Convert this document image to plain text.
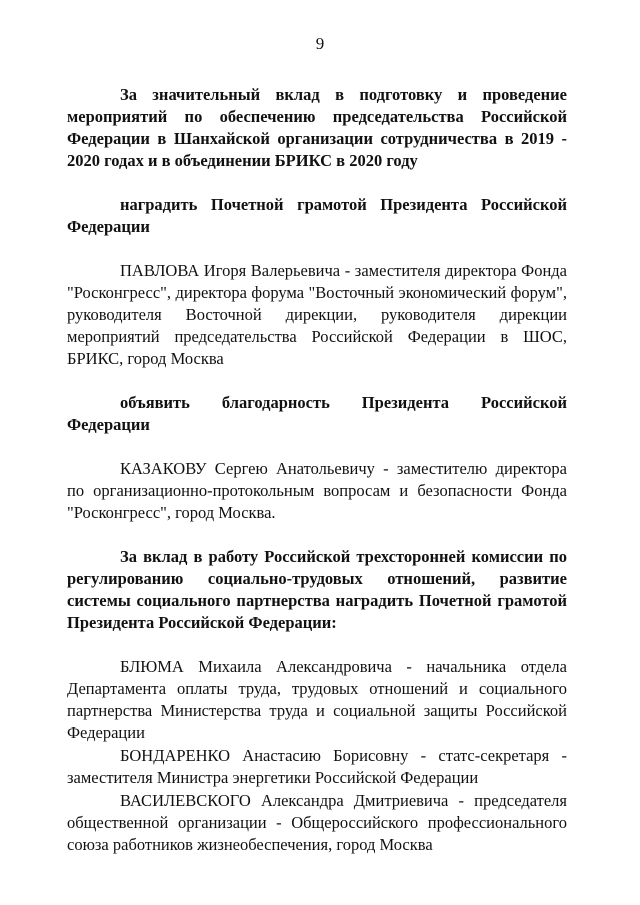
9

За значительный вклад в подготовку и проведение мероприятий по обеспечению председательства Российской Федерации в Шанхайской организации сотрудничества в 2019 - 2020 годах и в объединении БРИКС в 2020 году

наградить Почетной грамотой Президента Российской Федерации

ПАВЛОВА Игоря Валерьевича - заместителя директора Фонда "Росконгресс", директора форума "Восточный экономический форум", руководителя Восточной дирекции, руководителя дирекции мероприятий председательства Российской Федерации в ШОС, БРИКС, город Москва

объявить благодарность Президента Российской Федерации

КАЗАКОВУ Сергею Анатольевичу - заместителю директора по организационно-протокольным вопросам и безопасности Фонда "Росконгресс", город Москва.

За вклад в работу Российской трехсторонней комиссии по регулированию социально-трудовых отношений, развитие системы социального партнерства наградить Почетной грамотой Президента Российской Федерации:

БЛЮМА Михаила Александровича - начальника отдела Департамента оплаты труда, трудовых отношений и социального партнерства Министерства труда и социальной защиты Российской Федерации

БОНДАРЕНКО Анастасию Борисовну - статс-секретаря - заместителя Министра энергетики Российской Федерации

ВАСИЛЕВСКОГО Александра Дмитриевича - председателя общественной организации - Общероссийского профессионального союза работников жизнеобеспечения, город Москва
